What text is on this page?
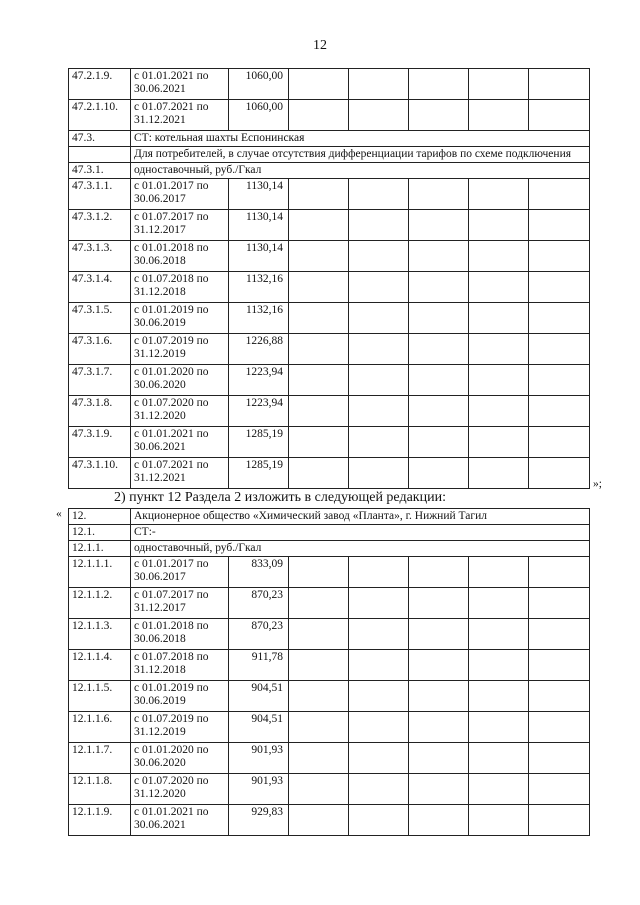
12
47.2.1.9.	с 01.01.2021 по 30.06.2021	1060,00					
47.2.1.10.	с 01.07.2021 по 31.12.2021	1060,00					
47.3.	СТ: котельная шахты Еспонинская						
	Для потребителей, в случае отсутствия дифференциации тарифов по схеме подключения						
47.3.1.	одноставочный, руб./Гкал						
47.3.1.1.	с 01.01.2017 по 30.06.2017	1130,14					
47.3.1.2.	с 01.07.2017 по 31.12.2017	1130,14					
47.3.1.3.	с 01.01.2018 по 30.06.2018	1130,14					
47.3.1.4.	с 01.07.2018 по 31.12.2018	1132,16					
47.3.1.5.	с 01.01.2019 по 30.06.2019	1132,16					
47.3.1.6.	с 01.07.2019 по 31.12.2019	1226,88					
47.3.1.7.	с 01.01.2020 по 30.06.2020	1223,94					
47.3.1.8.	с 01.07.2020 по 31.12.2020	1223,94					
47.3.1.9.	с 01.01.2021 по 30.06.2021	1285,19					
47.3.1.10.	с 01.07.2021 по 31.12.2021	1285,19					
»;
2) пункт 12 Раздела 2 изложить в следующей редакции:
« 12.	Акционерное общество «Химический завод «Планта», г. Нижний Тагил						
12.1.	СТ:-						
12.1.1.	одноставочный, руб./Гкал						
12.1.1.1.	с 01.01.2017 по 30.06.2017	833,09					
12.1.1.2.	с 01.07.2017 по 31.12.2017	870,23					
12.1.1.3.	с 01.01.2018 по 30.06.2018	870,23					
12.1.1.4.	с 01.07.2018 по 31.12.2018	911,78					
12.1.1.5.	с 01.01.2019 по 30.06.2019	904,51					
12.1.1.6.	с 01.07.2019 по 31.12.2019	904,51					
12.1.1.7.	с 01.01.2020 по 30.06.2020	901,93					
12.1.1.8.	с 01.07.2020 по 31.12.2020	901,93					
12.1.1.9.	с 01.01.2021 по 30.06.2021	929,83					
